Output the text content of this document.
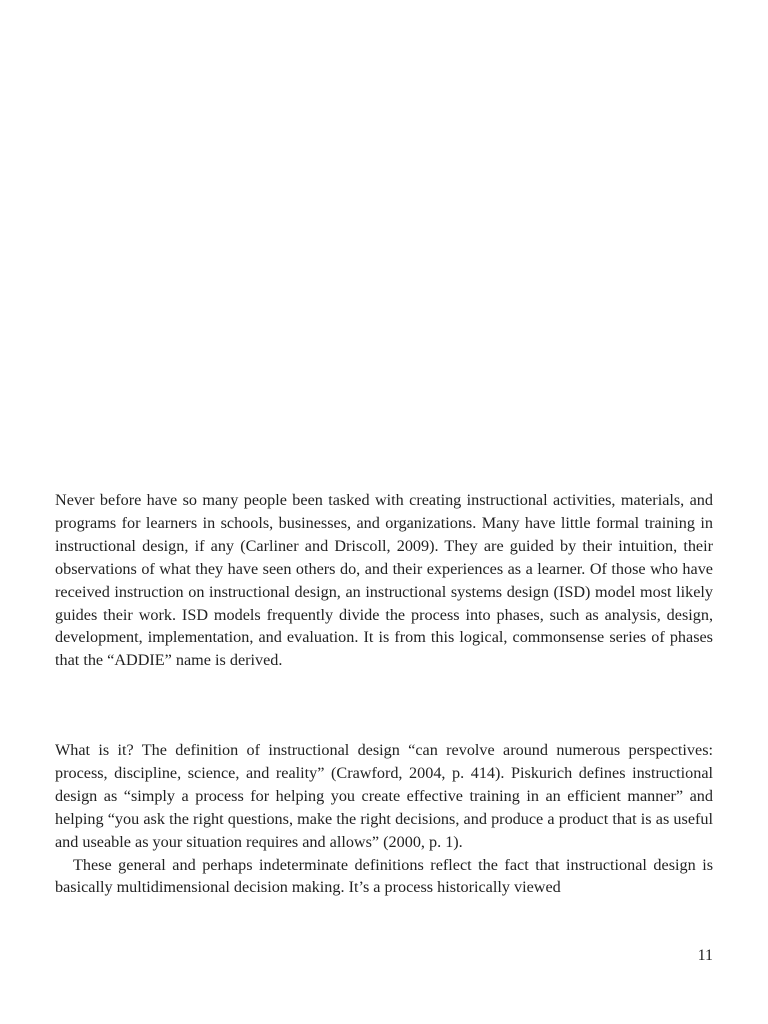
Never before have so many people been tasked with creating instructional activities, materials, and programs for learners in schools, businesses, and organizations. Many have little formal training in instructional design, if any (Carliner and Driscoll, 2009). They are guided by their intuition, their observations of what they have seen others do, and their experiences as a learner. Of those who have received instruction on instructional design, an instructional systems design (ISD) model most likely guides their work. ISD models frequently divide the process into phases, such as analysis, design, development, implementation, and evaluation. It is from this logical, commonsense series of phases that the “ADDIE” name is derived.

What is it? The definition of instructional design “can revolve around numerous perspectives: process, discipline, science, and reality” (Crawford, 2004, p. 414). Piskurich defines instructional design as “simply a process for helping you create effective training in an efficient manner” and helping “you ask the right questions, make the right decisions, and produce a product that is as useful and useable as your situation requires and allows” (2000, p. 1).

These general and perhaps indeterminate definitions reflect the fact that instructional design is basically multidimensional decision making. It’s a process historically viewed

11
